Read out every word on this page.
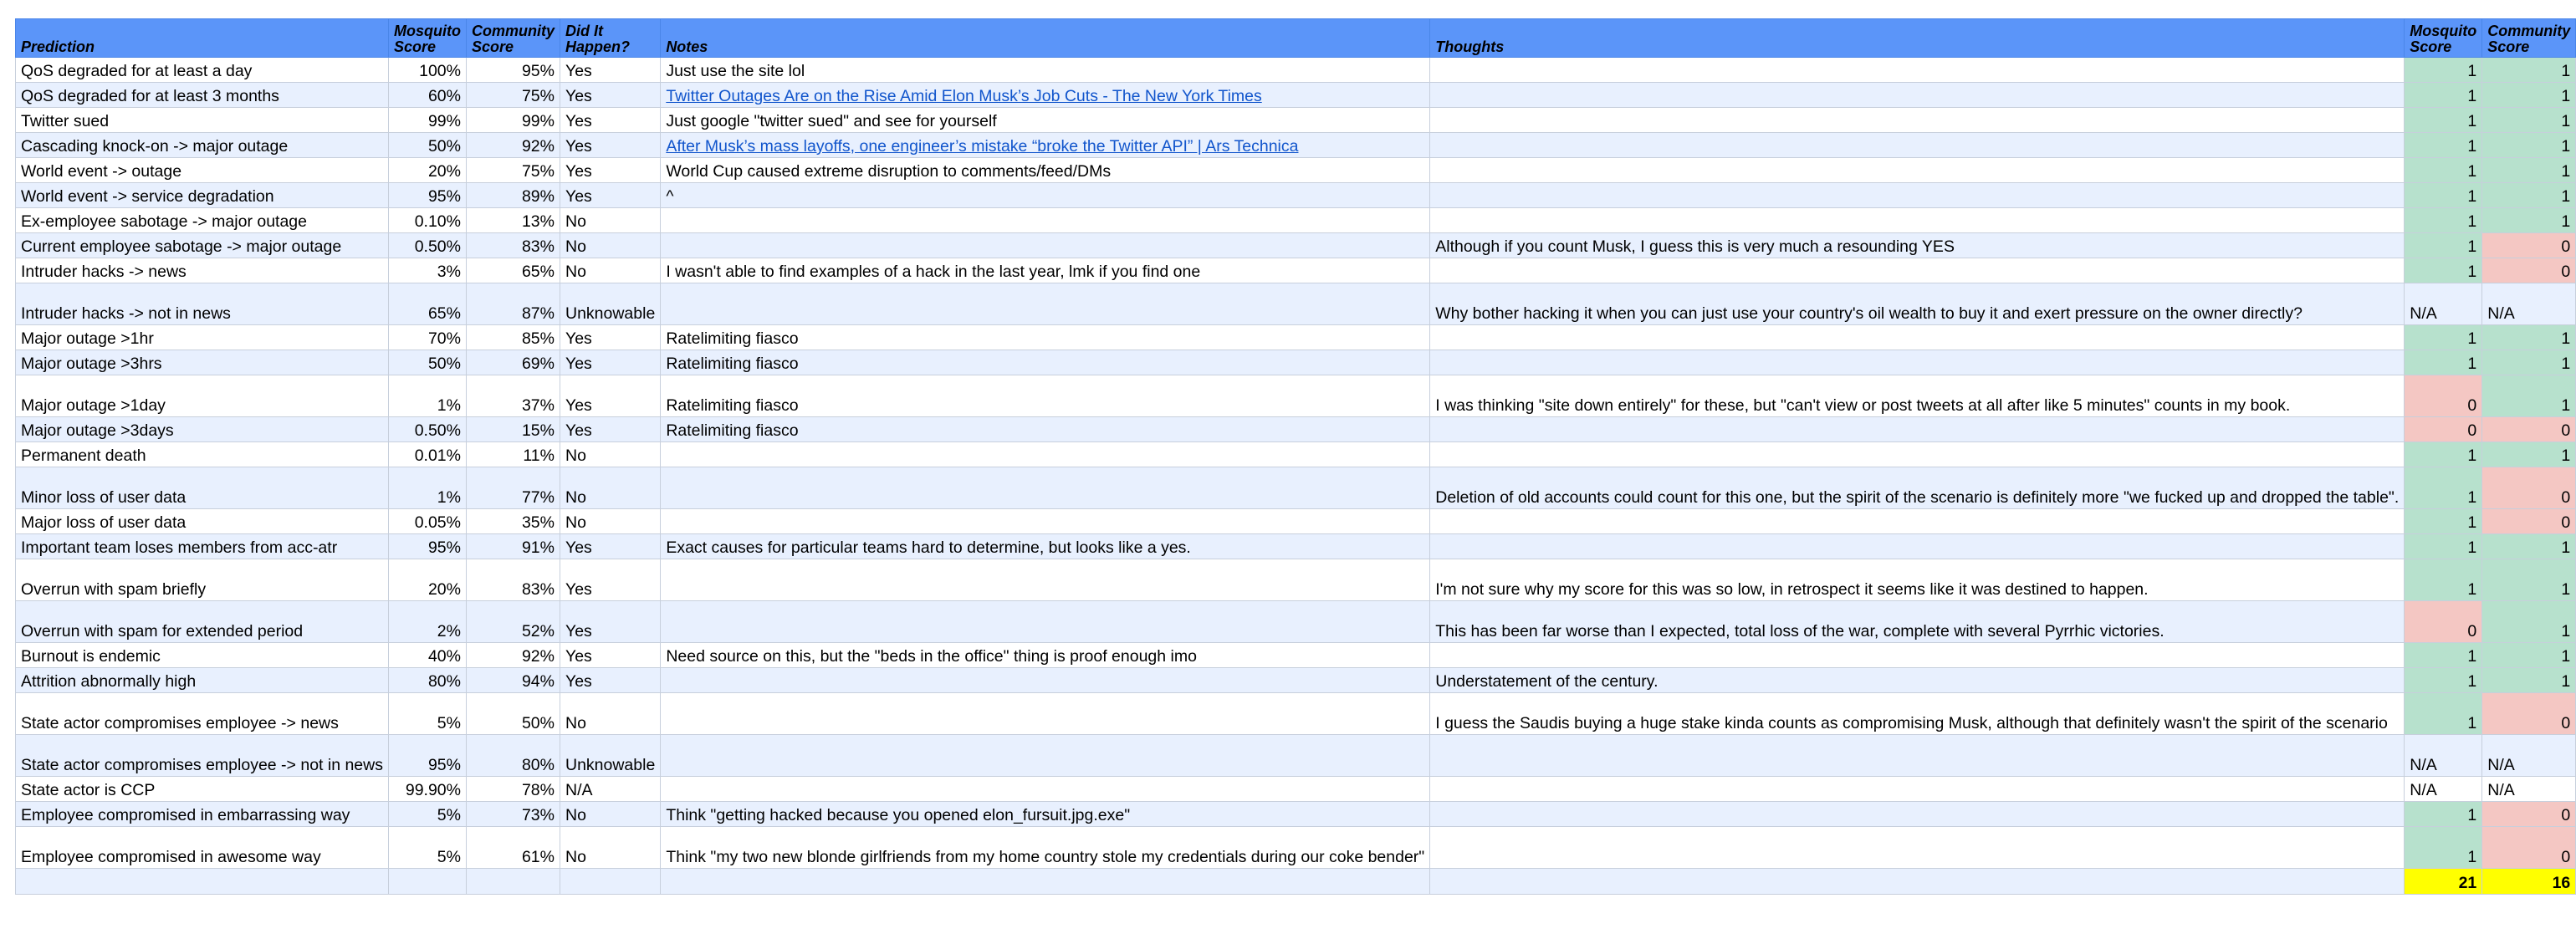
Prediction	Mosquito Score	Community Score	Did It Happen?	Notes	Thoughts	Mosquito Score	Community Score
QoS degraded for at least a day	100%	95%	Yes	Just use the site lol		1	1
QoS degraded for at least 3 months	60%	75%	Yes	Twitter Outages Are on the Rise Amid Elon Musk’s Job Cuts - The New York Times		1	1
Twitter sued	99%	99%	Yes	Just google "twitter sued" and see for yourself		1	1
Cascading knock-on -> major outage	50%	92%	Yes	After Musk’s mass layoffs, one engineer’s mistake “broke the Twitter API” | Ars Technica		1	1
World event -> outage	20%	75%	Yes	World Cup caused extreme disruption to comments/feed/DMs		1	1
World event -> service degradation	95%	89%	Yes	^		1	1
Ex-employee sabotage -> major outage	0.10%	13%	No			1	1
Current employee sabotage -> major outage	0.50%	83%	No		Although if you count Musk, I guess this is very much a resounding YES	1	0
Intruder hacks -> news	3%	65%	No	I wasn't able to find examples of a hack in the last year, lmk if you find one		1	0
Intruder hacks -> not in news	65%	87%	Unknowable		Why bother hacking it when you can just use your country's oil wealth to buy it and exert pressure on the owner directly?	N/A	N/A
Major outage >1hr	70%	85%	Yes	Ratelimiting fiasco		1	1
Major outage >3hrs	50%	69%	Yes	Ratelimiting fiasco		1	1
Major outage >1day	1%	37%	Yes	Ratelimiting fiasco	I was thinking "site down entirely" for these, but "can't view or post tweets at all after like 5 minutes" counts in my book.	0	1
Major outage >3days	0.50%	15%	Yes	Ratelimiting fiasco		0	0
Permanent death	0.01%	11%	No			1	1
Minor loss of user data	1%	77%	No		Deletion of old accounts could count for this one, but the spirit of the scenario is definitely more "we fucked up and dropped the table".	1	0
Major loss of user data	0.05%	35%	No			1	0
Important team loses members from acc-atr	95%	91%	Yes	Exact causes for particular teams hard to determine, but looks like a yes.		1	1
Overrun with spam briefly	20%	83%	Yes		I'm not sure why my score for this was so low, in retrospect it seems like it was destined to happen.	1	1
Overrun with spam for extended period	2%	52%	Yes		This has been far worse than I expected, total loss of the war, complete with several Pyrrhic victories.	0	1
Burnout is endemic	40%	92%	Yes	Need source on this, but the "beds in the office" thing is proof enough imo		1	1
Attrition abnormally high	80%	94%	Yes		Understatement of the century.	1	1
State actor compromises employee -> news	5%	50%	No		I guess the Saudis buying a huge stake kinda counts as compromising Musk, although that definitely wasn't the spirit of the scenario	1	0
State actor compromises employee -> not in news	95%	80%	Unknowable			N/A	N/A
State actor is CCP	99.90%	78%	N/A			N/A	N/A
Employee compromised in embarrassing way	5%	73%	No	Think "getting hacked because you opened elon_fursuit.jpg.exe"		1	0
Employee compromised in awesome way	5%	61%	No	Think "my two new blonde girlfriends from my home country stole my credentials during our coke bender"		1	0
						21	16
